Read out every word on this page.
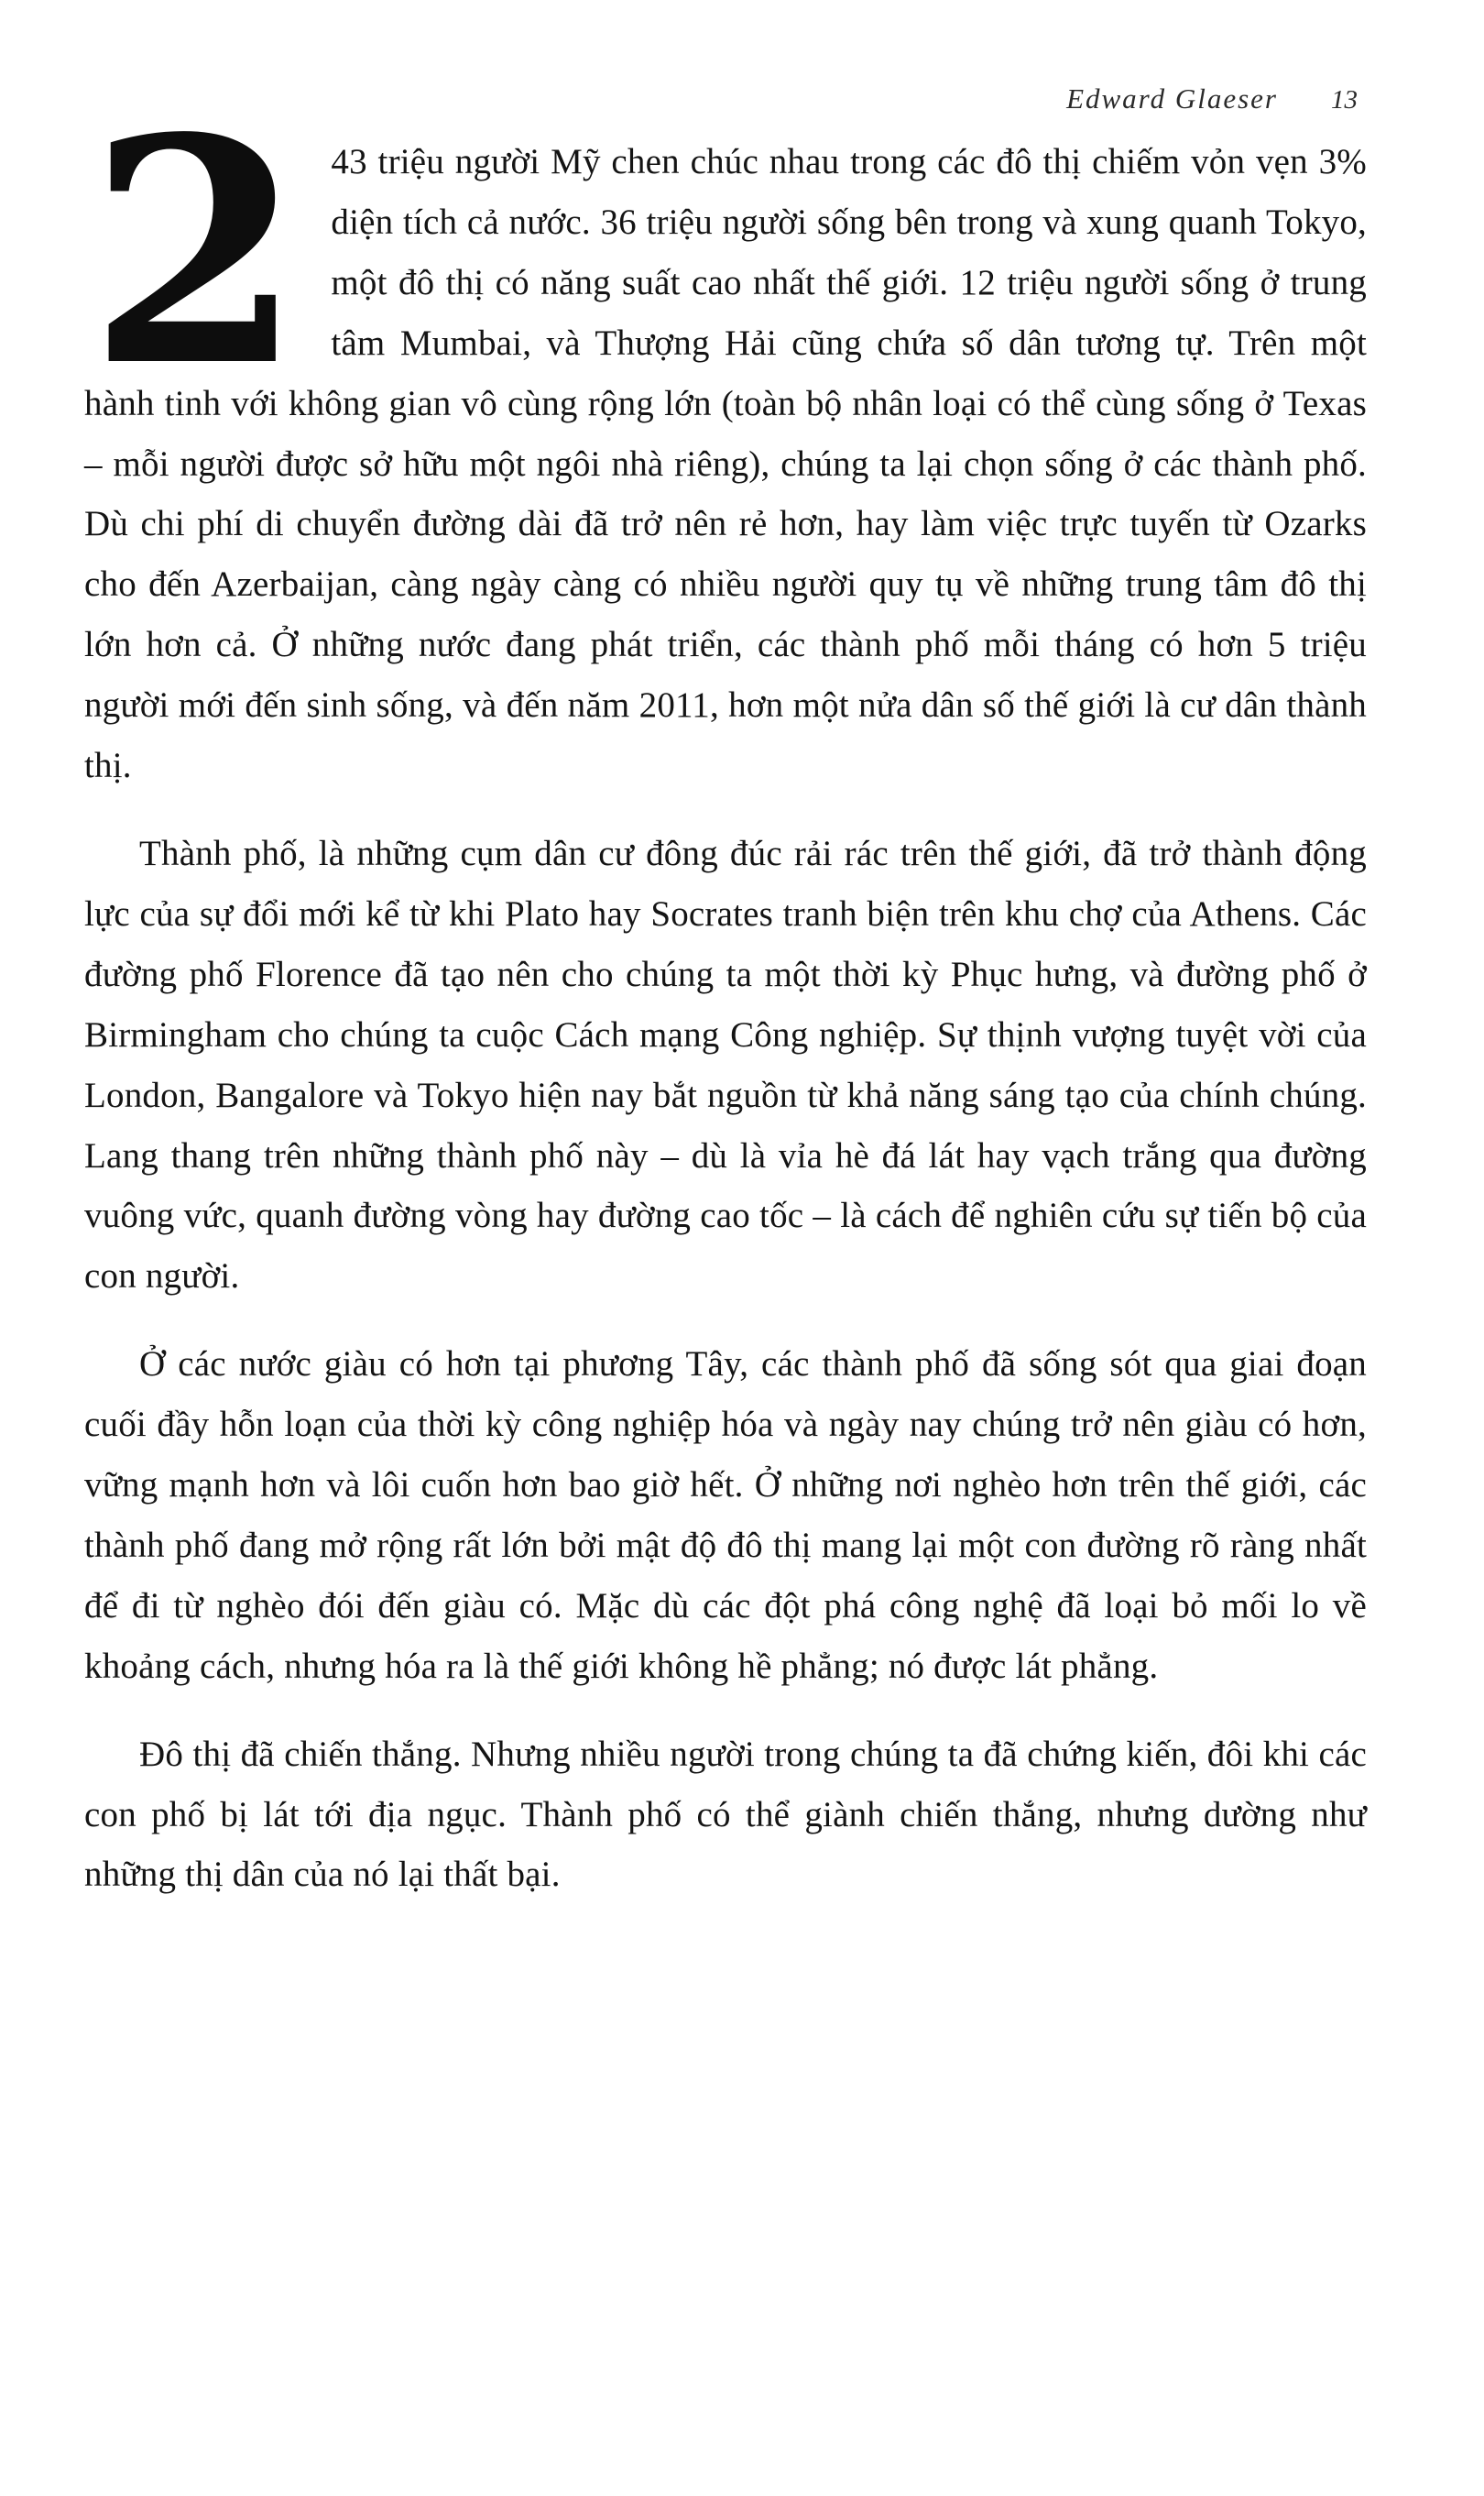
Edward Glaeser 13

2 43 triệu người Mỹ chen chúc nhau trong các đô thị chiếm vỏn vẹn 3% diện tích cả nước. 36 triệu người sống bên trong và xung quanh Tokyo, một đô thị có năng suất cao nhất thế giới. 12 triệu người sống ở trung tâm Mumbai, và Thượng Hải cũng chứa số dân tương tự. Trên một hành tinh với không gian vô cùng rộng lớn (toàn bộ nhân loại có thể cùng sống ở Texas – mỗi người được sở hữu một ngôi nhà riêng), chúng ta lại chọn sống ở các thành phố. Dù chi phí di chuyển đường dài đã trở nên rẻ hơn, hay làm việc trực tuyến từ Ozarks cho đến Azerbaijan, càng ngày càng có nhiều người quy tụ về những trung tâm đô thị lớn hơn cả. Ở những nước đang phát triển, các thành phố mỗi tháng có hơn 5 triệu người mới đến sinh sống, và đến năm 2011, hơn một nửa dân số thế giới là cư dân thành thị.

Thành phố, là những cụm dân cư đông đúc rải rác trên thế giới, đã trở thành động lực của sự đổi mới kể từ khi Plato hay Socrates tranh biện trên khu chợ của Athens. Các đường phố Florence đã tạo nên cho chúng ta một thời kỳ Phục hưng, và đường phố ở Birmingham cho chúng ta cuộc Cách mạng Công nghiệp. Sự thịnh vượng tuyệt vời của London, Bangalore và Tokyo hiện nay bắt nguồn từ khả năng sáng tạo của chính chúng. Lang thang trên những thành phố này – dù là vỉa hè đá lát hay vạch trắng qua đường vuông vức, quanh đường vòng hay đường cao tốc – là cách để nghiên cứu sự tiến bộ của con người.

Ở các nước giàu có hơn tại phương Tây, các thành phố đã sống sót qua giai đoạn cuối đầy hỗn loạn của thời kỳ công nghiệp hóa và ngày nay chúng trở nên giàu có hơn, vững mạnh hơn và lôi cuốn hơn bao giờ hết. Ở những nơi nghèo hơn trên thế giới, các thành phố đang mở rộng rất lớn bởi mật độ đô thị mang lại một con đường rõ ràng nhất để đi từ nghèo đói đến giàu có. Mặc dù các đột phá công nghệ đã loại bỏ mối lo về khoảng cách, nhưng hóa ra là thế giới không hề phẳng; nó được lát phẳng.

Đô thị đã chiến thắng. Nhưng nhiều người trong chúng ta đã chứng kiến, đôi khi các con phố bị lát tới địa ngục. Thành phố có thể giành chiến thắng, nhưng dường như những thị dân của nó lại thất bại.
